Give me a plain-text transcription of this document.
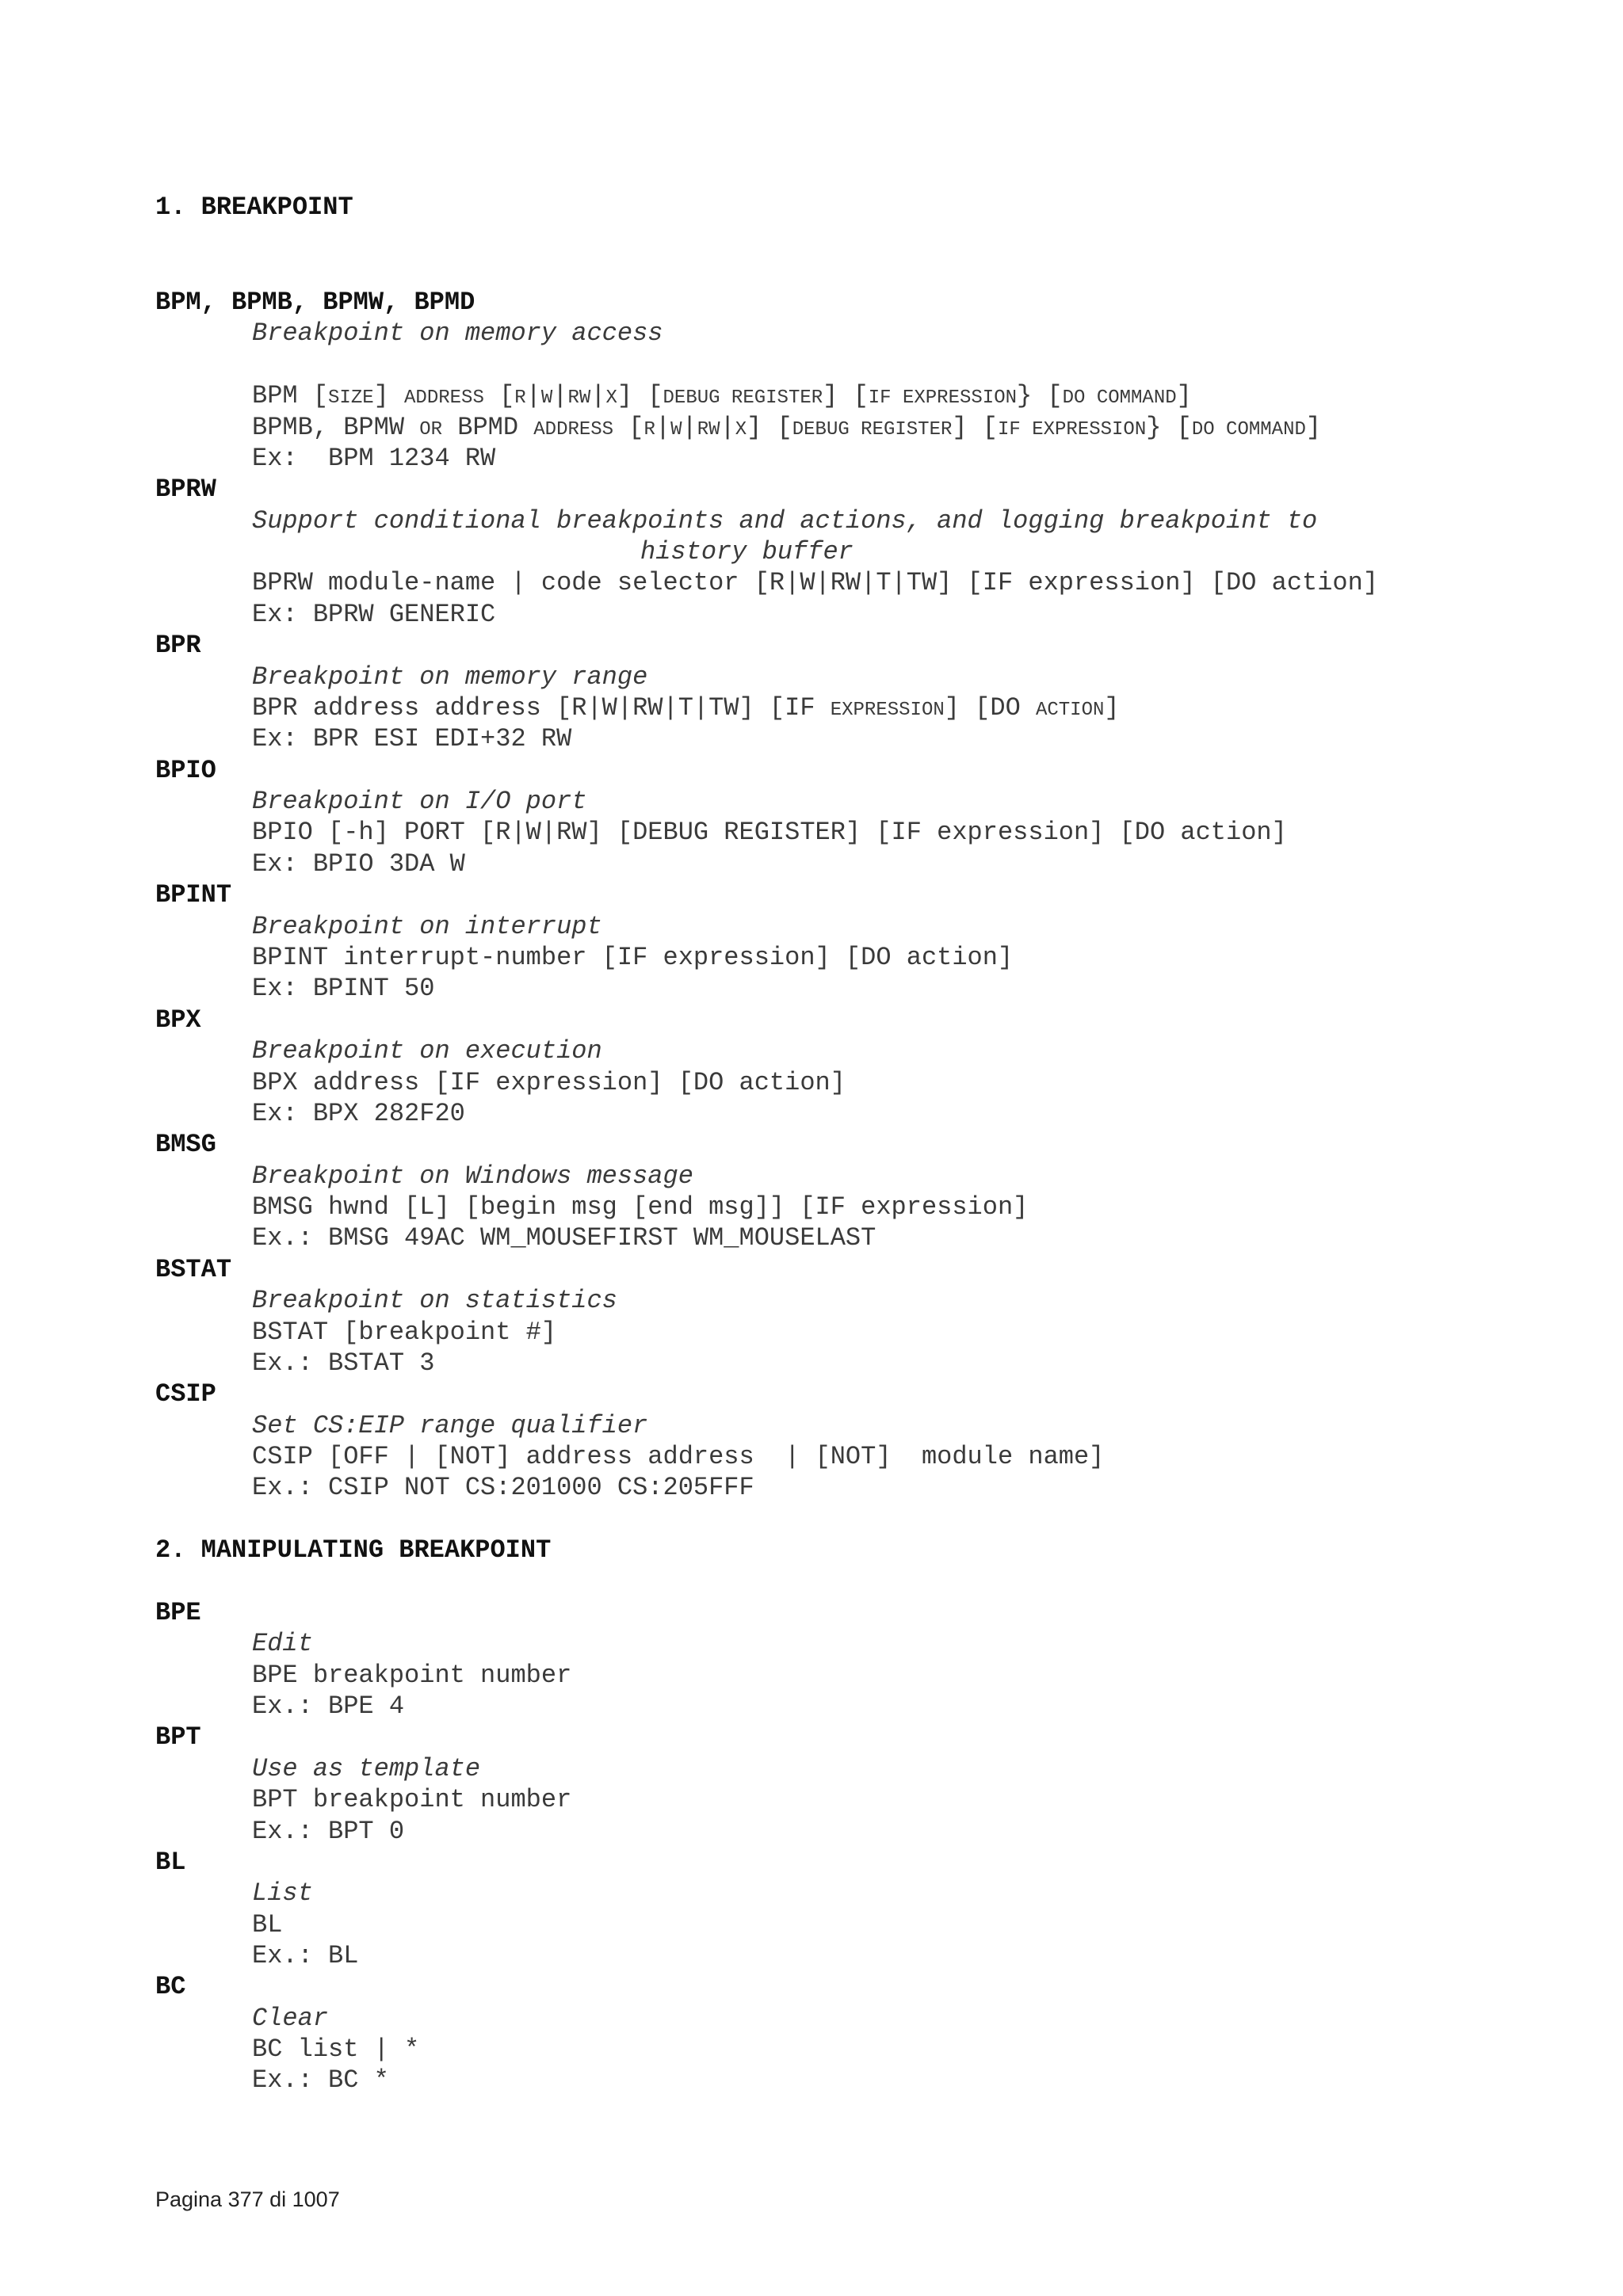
1. BREAKPOINT
BPM, BPMB, BPMW, BPMD
Breakpoint on memory access
BPM [SIZE] ADDRESS [R|W|RW|X] [DEBUG REGISTER] [IF EXPRESSION} [DO COMMAND]
BPMB, BPMW OR BPMD ADDRESS [R|W|RW|X] [DEBUG REGISTER] [IF EXPRESSION} [DO COMMAND]
Ex:  BPM 1234 RW
BPRW
Support conditional breakpoints and actions, and logging breakpoint to
history buffer
BPRW module-name | code selector [R|W|RW|T|TW] [IF expression] [DO action]
Ex: BPRW GENERIC
BPR
Breakpoint on memory range
BPR address address [R|W|RW|T|TW] [IF EXPRESSION] [DO ACTION]
Ex: BPR ESI EDI+32 RW
BPIO
Breakpoint on I/O port
BPIO [-h] PORT [R|W|RW] [DEBUG REGISTER] [IF expression] [DO action]
Ex: BPIO 3DA W
BPINT
Breakpoint on interrupt
BPINT interrupt-number [IF expression] [DO action]
Ex: BPINT 50
BPX
Breakpoint on execution
BPX address [IF expression] [DO action]
Ex: BPX 282F20
BMSG
Breakpoint on Windows message
BMSG hwnd [L] [begin msg [end msg]] [IF expression]
Ex.: BMSG 49AC WM_MOUSEFIRST WM_MOUSELAST
BSTAT
Breakpoint on statistics
BSTAT [breakpoint #]
Ex.: BSTAT 3
CSIP
Set CS:EIP range qualifier
CSIP [OFF | [NOT] address address  | [NOT]  module name]
Ex.: CSIP NOT CS:201000 CS:205FFF
2. MANIPULATING BREAKPOINT
BPE
Edit
BPE breakpoint number
Ex.: BPE 4
BPT
Use as template
BPT breakpoint number
Ex.: BPT 0
BL
List
BL
Ex.: BL
BC
Clear
BC list | *
Ex.: BC *
Pagina 377 di 1007
